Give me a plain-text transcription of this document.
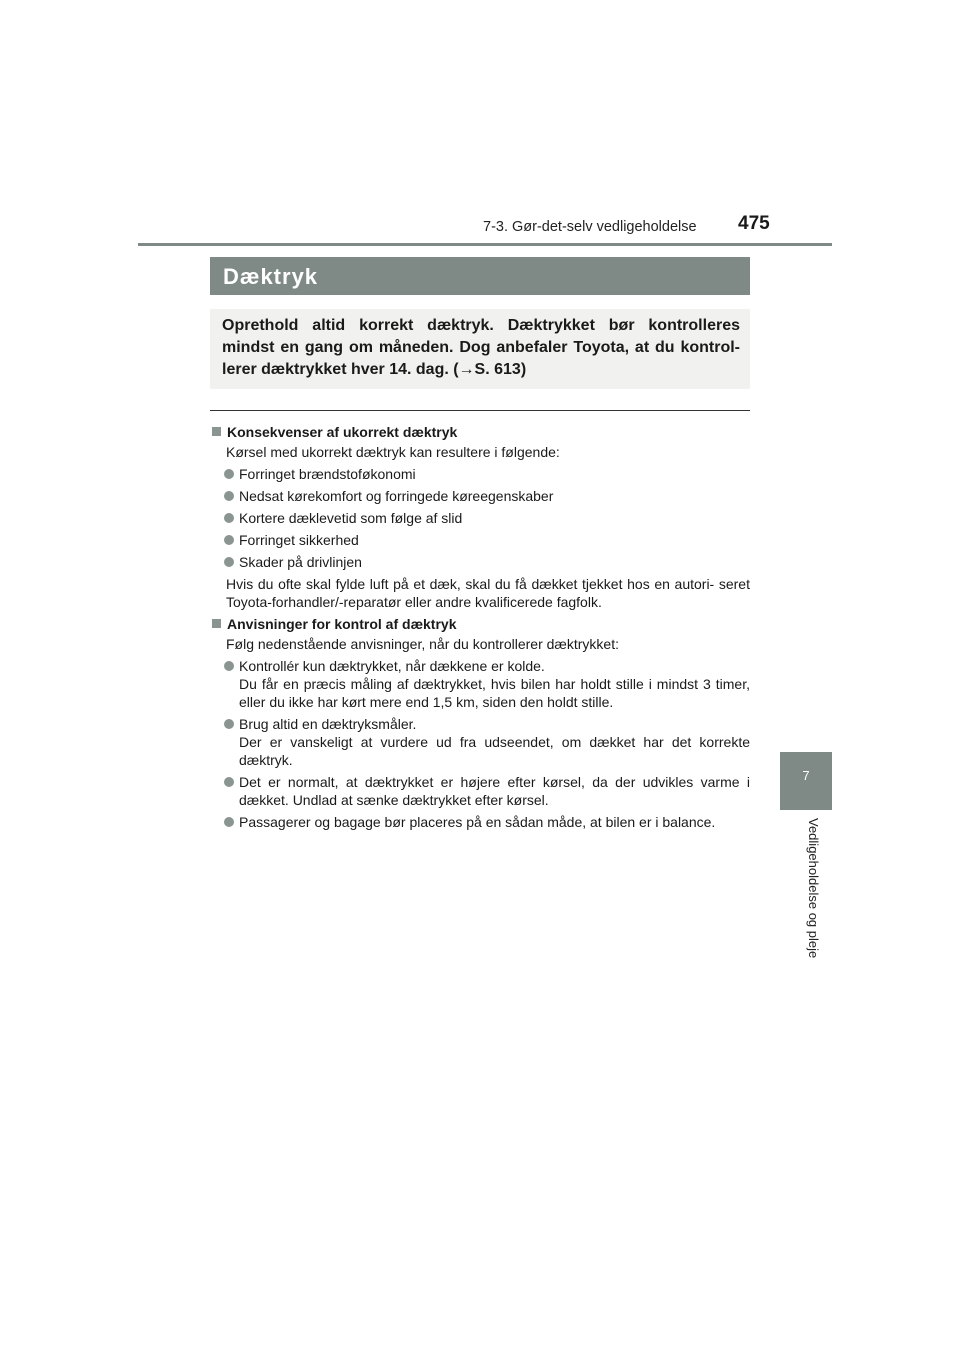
7-3. Gør-det-selv vedligeholdelse	475
7
Vedligeholdelse og pleje
Dæktryk
Oprethold altid korrekt dæktryk. Dæktrykket bør kontrolleres mindst en gang om måneden. Dog anbefaler Toyota, at du kontrol- lerer dæktrykket hver 14. dag. (→S. 613)
Konsekvenser af ukorrekt dæktryk
Kørsel med ukorrekt dæktryk kan resultere i følgende:
Forringet brændstoføkonomi
Nedsat kørekomfort og forringede køreegenskaber
Kortere dæklevetid som følge af slid
Forringet sikkerhed
Skader på drivlinjen
Hvis du ofte skal fylde luft på et dæk, skal du få dækket tjekket hos en autori- seret Toyota-forhandler/-reparatør eller andre kvalificerede fagfolk.
Anvisninger for kontrol af dæktryk
Følg nedenstående anvisninger, når du kontrollerer dæktrykket:
Kontrollér kun dæktrykket, når dækkene er kolde.
Du får en præcis måling af dæktrykket, hvis bilen har holdt stille i mindst 3 timer, eller du ikke har kørt mere end 1,5 km, siden den holdt stille.
Brug altid en dæktryksmåler.
Der er vanskeligt at vurdere ud fra udseendet, om dækket har det korrekte dæktryk.
Det er normalt, at dæktrykket er højere efter kørsel, da der udvikles varme i dækket. Undlad at sænke dæktrykket efter kørsel.
Passagerer og bagage bør placeres på en sådan måde, at bilen er i balance.
